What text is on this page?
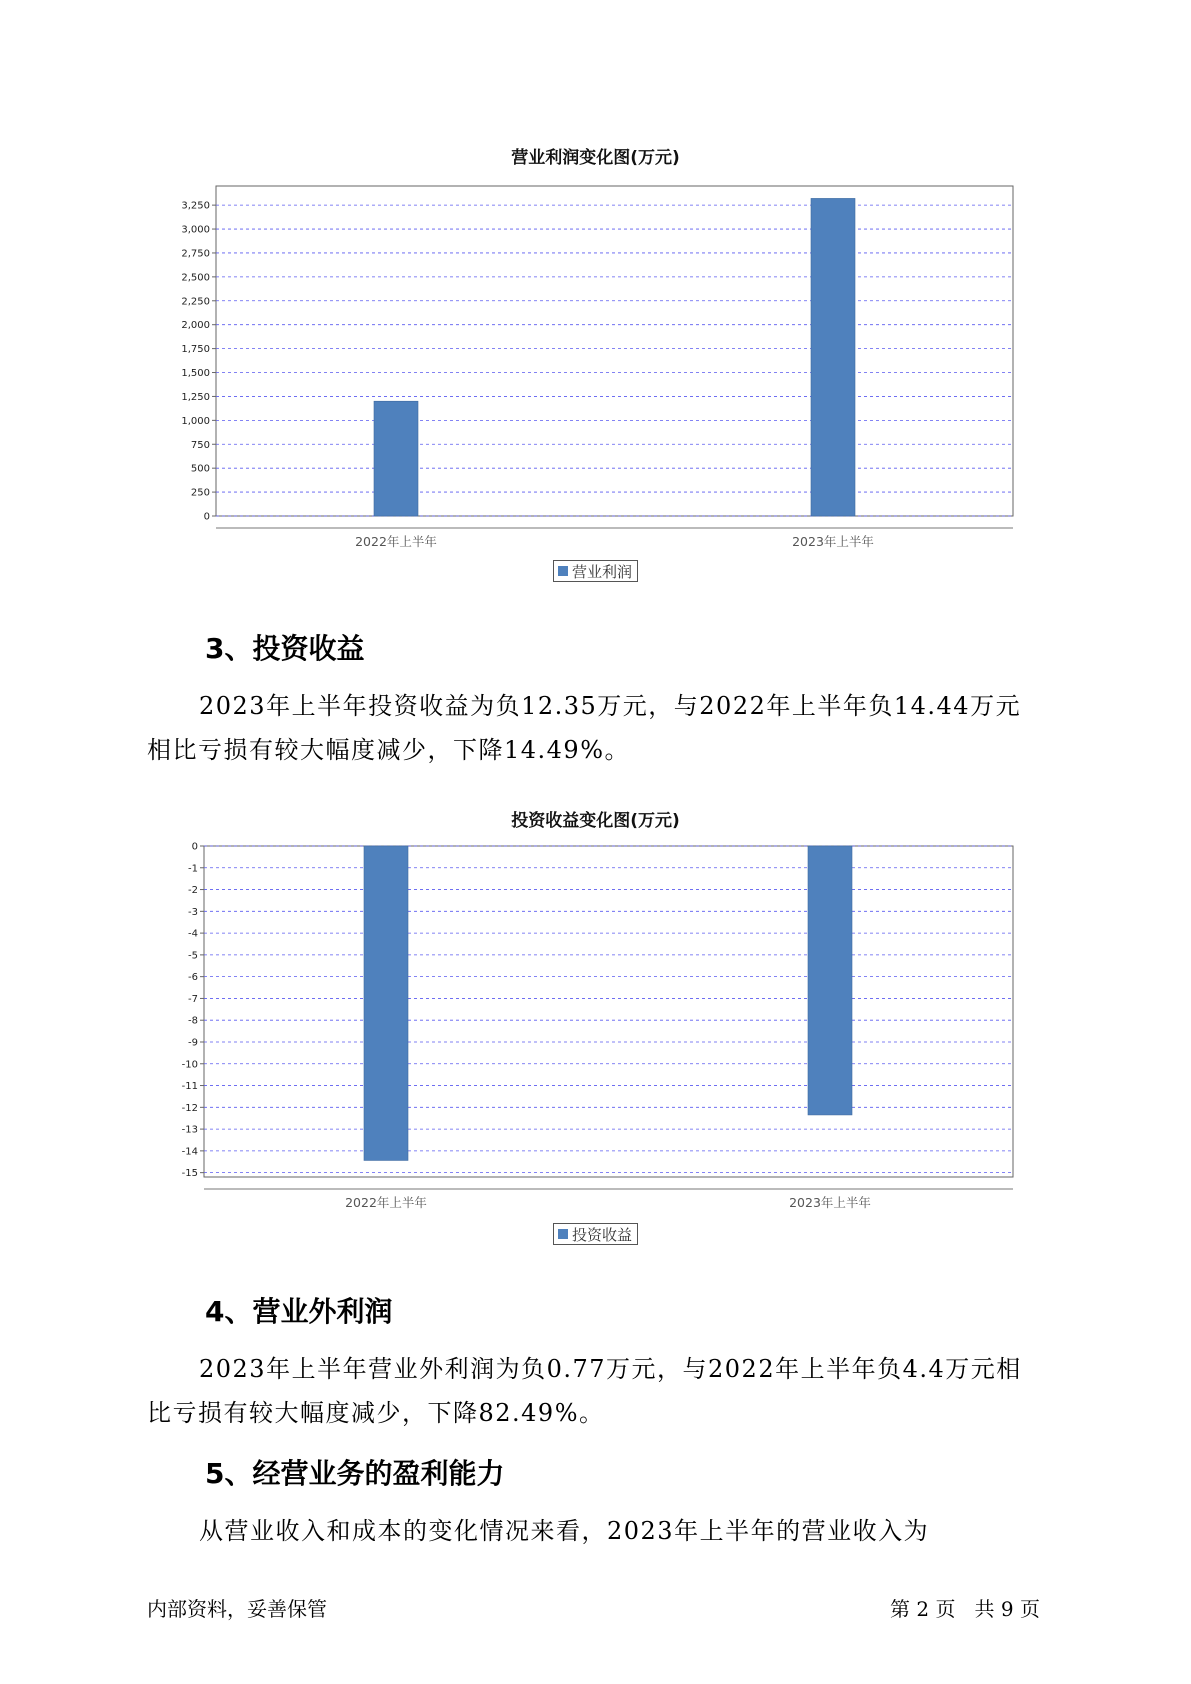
营业利润变化图(万元)
0
250
500
750
1,000
1,250
1,500
1,750
2,000
2,250
2,500
2,750
3,000
3,250
2022年上半年	2023年上半年
营业利润
3、投资收益
2023年上半年投资收益为负12.35万元，与2022年上半年负14.44万元
相比亏损有较大幅度减少，下降14.49%。
投资收益变化图(万元)
0
-1
-2
-3
-4
-5
-6
-7
-8
-9
-10
-11
-12
-13
-14
-15
2022年上半年	2023年上半年
投资收益
4、营业外利润
2023年上半年营业外利润为负0.77万元，与2022年上半年负4.4万元相
比亏损有较大幅度减少，下降82.49%。
5、经营业务的盈利能力
从营业收入和成本的变化情况来看，2023年上半年的营业收入为
内部资料，妥善保管	第 2 页   共 9 页
